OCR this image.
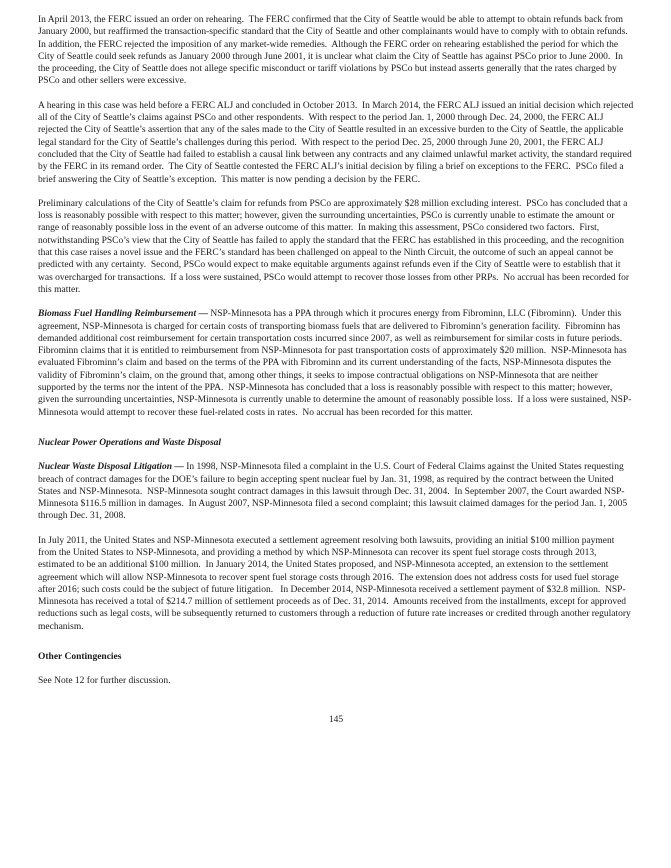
In April 2013, the FERC issued an order on rehearing.  The FERC confirmed that the City of Seattle would be able to attempt to obtain refunds back from January 2000, but reaffirmed the transaction-specific standard that the City of Seattle and other complainants would have to comply with to obtain refunds.  In addition, the FERC rejected the imposition of any market-wide remedies.  Although the FERC order on rehearing established the period for which the City of Seattle could seek refunds as January 2000 through June 2001, it is unclear what claim the City of Seattle has against PSCo prior to June 2000.  In the proceeding, the City of Seattle does not allege specific misconduct or tariff violations by PSCo but instead asserts generally that the rates charged by PSCo and other sellers were excessive.

A hearing in this case was held before a FERC ALJ and concluded in October 2013.  In March 2014, the FERC ALJ issued an initial decision which rejected all of the City of Seattle’s claims against PSCo and other respondents.  With respect to the period Jan. 1, 2000 through Dec. 24, 2000, the FERC ALJ rejected the City of Seattle’s assertion that any of the sales made to the City of Seattle resulted in an excessive burden to the City of Seattle, the applicable legal standard for the City of Seattle’s challenges during this period.  With respect to the period Dec. 25, 2000 through June 20, 2001, the FERC ALJ concluded that the City of Seattle had failed to establish a causal link between any contracts and any claimed unlawful market activity, the standard required by the FERC in its remand order.  The City of Seattle contested the FERC ALJ’s initial decision by filing a brief on exceptions to the FERC.  PSCo filed a brief answering the City of Seattle’s exception.  This matter is now pending a decision by the FERC.

Preliminary calculations of the City of Seattle’s claim for refunds from PSCo are approximately $28 million excluding interest.  PSCo has concluded that a loss is reasonably possible with respect to this matter; however, given the surrounding uncertainties, PSCo is currently unable to estimate the amount or range of reasonably possible loss in the event of an adverse outcome of this matter.  In making this assessment, PSCo considered two factors.  First, notwithstanding PSCo’s view that the City of Seattle has failed to apply the standard that the FERC has established in this proceeding, and the recognition that this case raises a novel issue and the FERC’s standard has been challenged on appeal to the Ninth Circuit, the outcome of such an appeal cannot be predicted with any certainty.  Second, PSCo would expect to make equitable arguments against refunds even if the City of Seattle were to establish that it was overcharged for transactions.  If a loss were sustained, PSCo would attempt to recover those losses from other PRPs.  No accrual has been recorded for this matter.

Biomass Fuel Handling Reimbursement — NSP-Minnesota has a PPA through which it procures energy from Fibrominn, LLC (Fibrominn).  Under this agreement, NSP-Minnesota is charged for certain costs of transporting biomass fuels that are delivered to Fibrominn’s generation facility.  Fibrominn has demanded additional cost reimbursement for certain transportation costs incurred since 2007, as well as reimbursement for similar costs in future periods.  Fibrominn claims that it is entitled to reimbursement from NSP-Minnesota for past transportation costs of approximately $20 million.  NSP-Minnesota has evaluated Fibrominn’s claim and based on the terms of the PPA with Fibrominn and its current understanding of the facts, NSP-Minnesota disputes the validity of Fibrominn’s claim, on the ground that, among other things, it seeks to impose contractual obligations on NSP-Minnesota that are neither supported by the terms nor the intent of the PPA.  NSP-Minnesota has concluded that a loss is reasonably possible with respect to this matter; however, given the surrounding uncertainties, NSP-Minnesota is currently unable to determine the amount of reasonably possible loss.  If a loss were sustained, NSP-Minnesota would attempt to recover these fuel-related costs in rates.  No accrual has been recorded for this matter.

Nuclear Power Operations and Waste Disposal

Nuclear Waste Disposal Litigation — In 1998, NSP-Minnesota filed a complaint in the U.S. Court of Federal Claims against the United States requesting breach of contract damages for the DOE’s failure to begin accepting spent nuclear fuel by Jan. 31, 1998, as required by the contract between the United States and NSP-Minnesota.  NSP-Minnesota sought contract damages in this lawsuit through Dec. 31, 2004.  In September 2007, the Court awarded NSP-Minnesota $116.5 million in damages.  In August 2007, NSP-Minnesota filed a second complaint; this lawsuit claimed damages for the period Jan. 1, 2005 through Dec. 31, 2008.

In July 2011, the United States and NSP-Minnesota executed a settlement agreement resolving both lawsuits, providing an initial $100 million payment from the United States to NSP-Minnesota, and providing a method by which NSP-Minnesota can recover its spent fuel storage costs through 2013, estimated to be an additional $100 million.  In January 2014, the United States proposed, and NSP-Minnesota accepted, an extension to the settlement agreement which will allow NSP-Minnesota to recover spent fuel storage costs through 2016.  The extension does not address costs for used fuel storage after 2016; such costs could be the subject of future litigation.   In December 2014, NSP-Minnesota received a settlement payment of $32.8 million.  NSP-Minnesota has received a total of $214.7 million of settlement proceeds as of Dec. 31, 2014.  Amounts received from the installments, except for approved reductions such as legal costs, will be subsequently returned to customers through a reduction of future rate increases or credited through another regulatory mechanism.

Other Contingencies

See Note 12 for further discussion.

145
